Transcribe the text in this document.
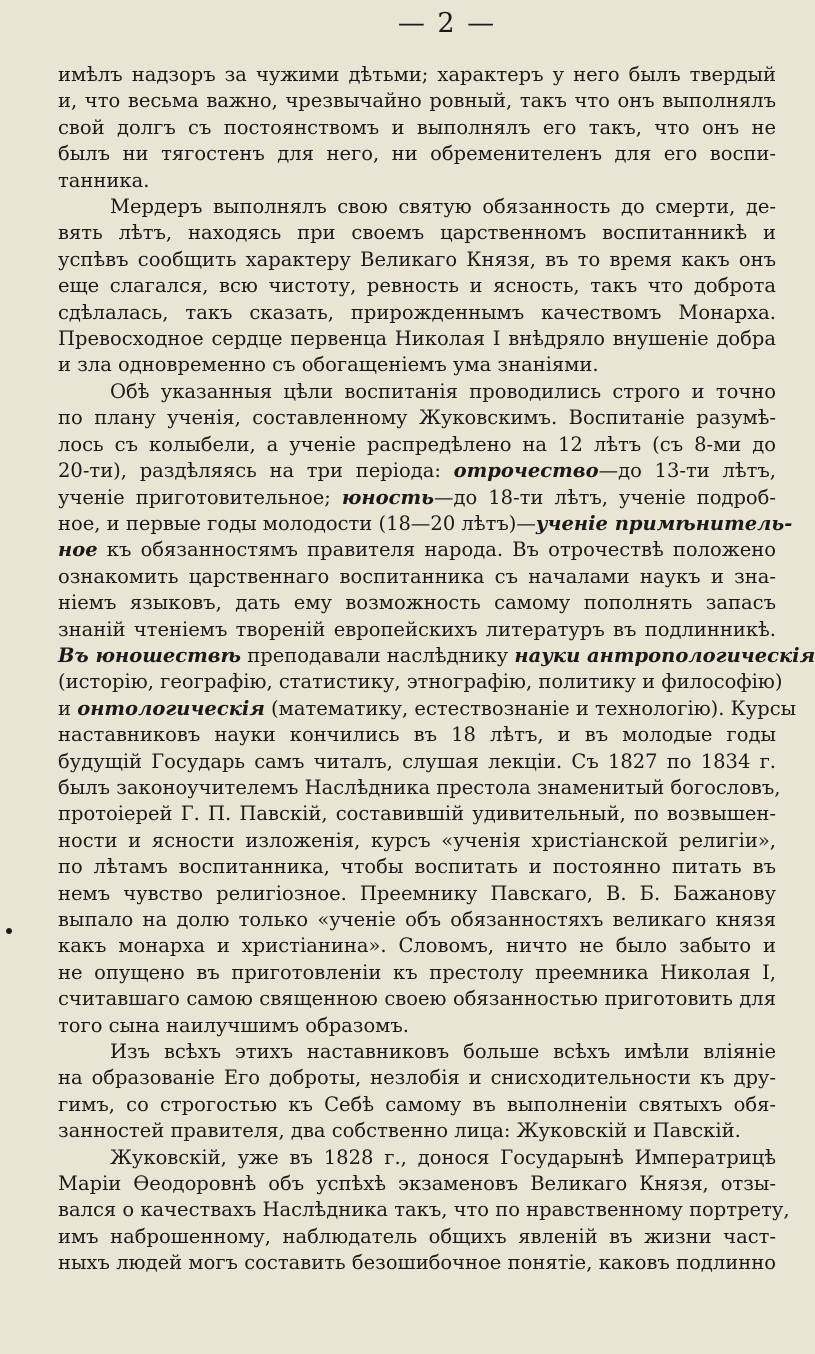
— 2 —
имѣлъ надзоръ за чужими дѣтьми; характеръ у него былъ твердый
и, что весьма важно, чрезвычайно ровный, такъ что онъ выполнялъ
свой долгъ съ постоянствомъ и выполнялъ его такъ, что онъ не
былъ ни тягостенъ для него, ни обременителенъ для его воспи-
танника.
Мердеръ выполнялъ свою святую обязанность до смерти, де-
вять лѣтъ, находясь при своемъ царственномъ воспитанникѣ и
успѣвъ сообщить характеру Великаго Князя, въ то время какъ онъ
еще слагался, всю чистоту, ревность и ясность, такъ что доброта
сдѣлалась, такъ сказать, прирожденнымъ качествомъ Монарха.
Превосходное сердце первенца Николая I внѣдряло внушеніе добра
и зла одновременно съ обогащеніемъ ума знаніями.
Обѣ указанныя цѣли воспитанія проводились строго и точно
по плану ученія, составленному Жуковскимъ. Воспитаніе разумѣ-
лось съ колыбели, а ученіе распредѣлено на 12 лѣтъ (съ 8-ми до
20-ти), раздѣляясь на три періода: отрочество—до 13-ти лѣтъ,
ученіе приготовительное; юность—до 18-ти лѣтъ, ученіе подроб-
ное, и первые годы молодости (18—20 лѣтъ)—ученіе примѣнитель-
ное къ обязанностямъ правителя народа. Въ отрочествѣ положено
ознакомить царственнаго воспитанника съ началами наукъ и зна-
ніемъ языковъ, дать ему возможность самому пополнять запасъ
знаній чтеніемъ твореній европейскихъ литературъ въ подлинникѣ.
Въ юношествѣ преподавали наслѣднику науки антропологическія
(исторію, географію, статистику, этнографію, политику и философію)
и онтологическія (математику, естествознаніе и технологію). Курсы
наставниковъ науки кончились въ 18 лѣтъ, и въ молодые годы
будущій Государь самъ читалъ, слушая лекціи. Съ 1827 по 1834 г.
былъ законоучителемъ Наслѣдника престола знаменитый богословъ,
протоіерей Г. П. Павскій, составившій удивительный, по возвышен-
ности и ясности изложенія, курсъ «ученія христіанской религіи»,
по лѣтамъ воспитанника, чтобы воспитать и постоянно питать въ
немъ чувство религіозное. Преемнику Павскаго, В. Б. Бажанову
выпало на долю только «ученіе объ обязанностяхъ великаго князя
какъ монарха и христіанина». Словомъ, ничто не было забыто и
не опущено въ приготовленіи къ престолу преемника Николая I,
считавшаго самою священною своею обязанностью приготовить для
того сына наилучшимъ образомъ.
Изъ всѣхъ этихъ наставниковъ больше всѣхъ имѣли вліяніе
на образованіе Его доброты, незлобія и снисходительности къ дру-
гимъ, со строгостью къ Себѣ самому въ выполненіи святыхъ обя-
занностей правителя, два собственно лица: Жуковскій и Павскій.
Жуковскій, уже въ 1828 г., донося Государынѣ Императрицѣ
Маріи Ѳеодоровнѣ объ успѣхѣ экзаменовъ Великаго Князя, отзы-
вался о качествахъ Наслѣдника такъ, что по нравственному портрету,
имъ наброшенному, наблюдатель общихъ явленій въ жизни част-
ныхъ людей могъ составить безошибочное понятіе, каковъ подлинно
